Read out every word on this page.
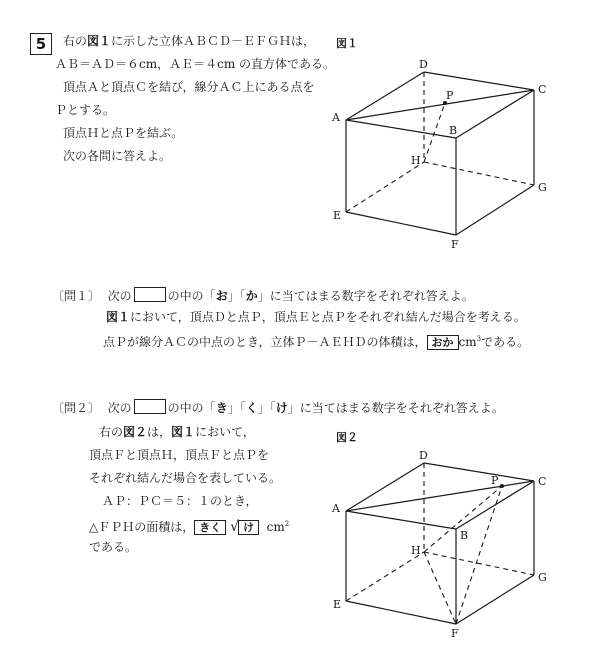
5	右の図１に示した立体ＡＢＣＤ－ＥＦＧＨは，
ＡＢ＝ＡＤ＝６cm，ＡＥ＝４cm の直方体である。
頂点Ａと頂点Ｃを結び，線分ＡＣ上にある点を
Ｐとする。
頂点Ｈと点Ｐを結ぶ。
次の各問に答えよ。
図１
A
D
C
B
P
H
G
E
F
〔問１〕 次の	の中の「お」「か」に当てはまる数字をそれぞれ答えよ。
図１において，頂点Ｄと点Ｐ，頂点Ｅと点Ｐをそれぞれ結んだ場合を考える。
点Ｐが線分ＡＣの中点のとき，立体Ｐ－ＡＥＨＤの体積は， おか $cm^3$である。
〔問２〕 次の	の中の「き」「く」「け」に当てはまる数字をそれぞれ答えよ。
右の図２は，図１において，
頂点Ｆと頂点Ｈ，頂点Ｆと点Ｐを
それぞれ結んだ場合を表している。
ＡＰ：ＰＣ＝５：１のとき，
△ＦＰＨの面積は， きく √ け $cm^2$
である。
図２
A
D
C
B
P
H
G
E
F
